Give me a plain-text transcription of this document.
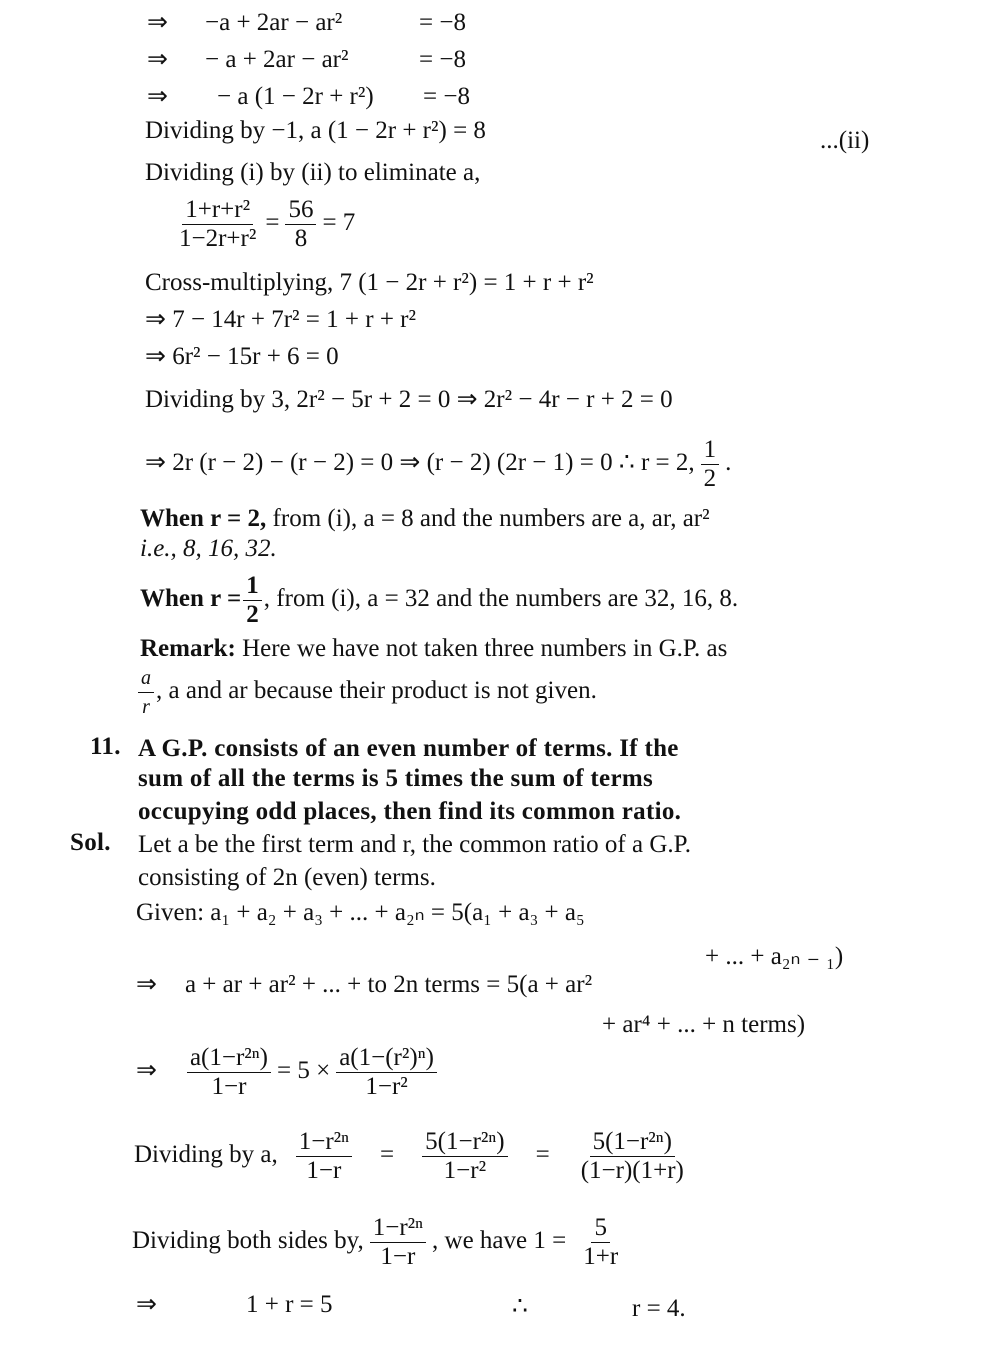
⇒ −a + 2ar − ar²	= −8
⇒ − a + 2ar − ar²	= −8
⇒ − a (1 − 2r + r²) = −8
Dividing by −1, a (1 − 2r + r²) = 8	...(ii)
Dividing (i) by (ii) to eliminate a,
$\frac{\text{1+r+r²}}{\text{1−2r+r²}} = \frac{56}{8} = 7$
Cross-multiplying, 7 (1 − 2r + r²) = 1 + r + r²
⇒ 7 − 14r + 7r² = 1 + r + r²
⇒ 6r² − 15r + 6 = 0
Dividing by 3, 2r² − 5r + 2 = 0 ⇒ 2r² − 4r − r + 2 = 0
⇒ 2r (r − 2) − (r − 2) = 0 ⇒ (r − 2) (2r − 1) = 0 ∴ r = 2, $\frac{1}{2}$ .
When r = 2, from (i), a = 8 and the numbers are a, ar, ar²
i.e., 8, 16, 32.
When $r = \frac{1}{2}$ , from (i), a = 32 and the numbers are 32, 16, 8.
Remark: Here we have not taken three numbers in G.P. as
$\frac{a}{r}$ , a and ar because their product is not given.
11. A G.P. consists of an even number of terms. If the
sum of all the terms is 5 times the sum of terms
occupying odd places, then find its common ratio.
Sol. Let a be the first term and r, the common ratio of a G.P.
consisting of 2n (even) terms.
Given: a₁ + a₂ + a₃ + ... + a₂ₙ = 5(a₁ + a₃ + a₅
+ ... + a₂ₙ ₋ ₁)
⇒ a + ar + ar² + ... + to 2n terms = 5(a + ar²
+ ar⁴ + ... + n terms)
⇒ $\frac{\text{a(1−r²ⁿ)}}{1-r} = 5 \times \frac{\text{a(1−(r²)ⁿ)}}{\text{1−r²}}$
Dividing by a, $\frac{\text{1−r²ⁿ}}{1-r} = \frac{\text{5(1−r²ⁿ)}}{\text{1−r²}} = \frac{\text{5(1−r²ⁿ)}}{(1-r)(1+r)}$
Dividing both sides by, $\frac{\text{1−r²ⁿ}}{1-r}$ , we have $1 = \frac{5}{1+r}$
⇒	1 + r = 5	∴	r = 4.
